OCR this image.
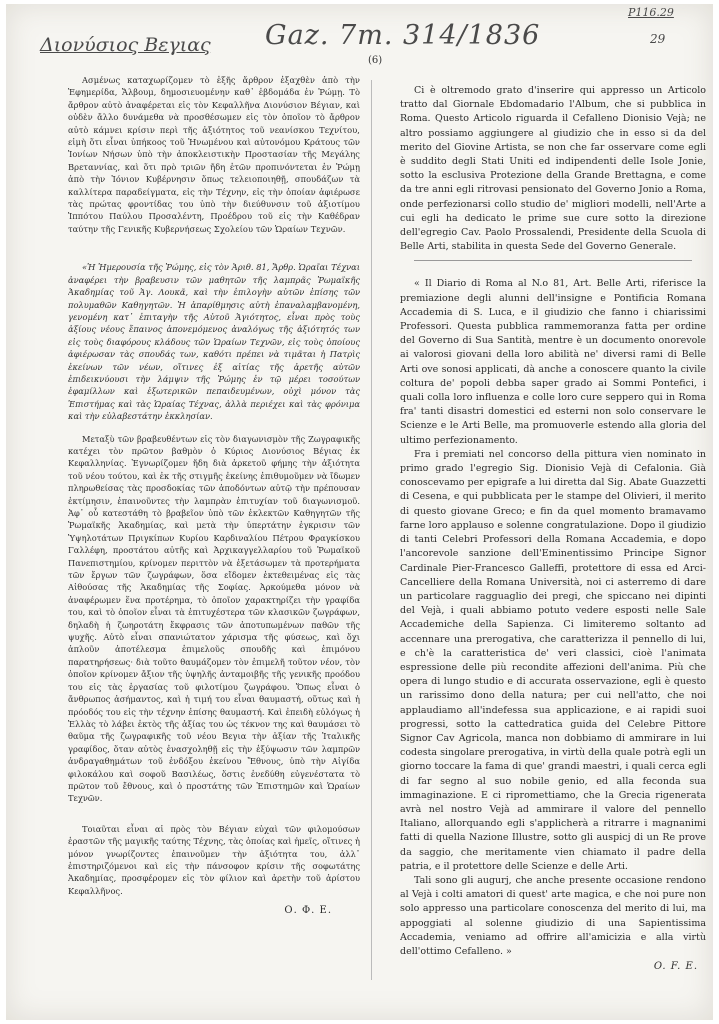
Διονύσιος Βεγιας Gaz. 7m. 314/1836
P116.29
29
(6)

Ασμένως καταχωρίζομεν τὸ ἑξῆς ἄρθρον ἐξαχθὲν ἀπὸ τὴν Ἐφημερίδα, Ἄλβουμ, δημοσιευομένην καθ᾽ ἑβδομάδα ἐν Ῥώμῃ. Τὸ ἄρθρον αὐτὸ ἀναφέρεται εἰς τὸν Κεφαλλῆνα Διονύσιον Βέγιαν, καὶ οὐδὲν ἄλλο δυνάμεθα νὰ προσθέσωμεν εἰς τὸν ὁποῖον τὸ ἄρθρον αὐτὸ κάμνει κρίσιν περὶ τῆς ἀξιότητος τοῦ νεανίσκου Τεχνίτου, εἰμὴ ὅτι εἶναι ὑπήκοος τοῦ Ἡνωμένου καὶ αὐτονόμου Κράτους τῶν Ἰονίων Νήσων ὑπὸ τὴν ἀποκλειστικὴν Προστασίαν τῆς Μεγάλης Βρεταννίας, καὶ ὅτι πρὸ τριῶν ἤδη ἐτῶν προπινόντεται ἐν Ῥώμῃ ἀπὸ τὴν Ἰόνιον Κυβέρνησιν ὅπως τελειοποιηθῇ, σπουδάζων τὰ καλλίτερα παραδείγματα, εἰς τὴν Τέχνην, εἰς τὴν ὁποίαν ἀφιέρωσε τὰς πρώτας φροντίδας του ὑπὸ τὴν διεύθυνσιν τοῦ ἀξιοτίμου Ἱππότου Παύλου Προσαλέντη, Προέδρου τοῦ εἰς τὴν Καθέδραν ταύτην τῆς Γενικῆς Κυβερνήσεως Σχολείου τῶν Ὡραίων Τεχνῶν.

«Ἡ Ἡμερουσία τῆς Ῥώμης, εἰς τὸν Ἀριθ. 81, Ἄρθρ. Ὡραῖαι Τέχναι ἀναφέρει τὴν βραβευσιν τῶν μαθητῶν τῆς λαμπρᾶς Ῥωμαϊκῆς Ἀκαδημίας τοῦ Ἁγ. Λουκᾶ, καὶ τὴν ἐπιλογὴν αὐτῶν ἐπίσης τῶν πολυμαθῶν Καθηγητῶν. Ἡ ἀπαρίθμησις αὐτὴ ἐπαναλαμβανομένη, γενομένη κατ᾽ ἐπιταγὴν τῆς Αὐτοῦ Ἁγιότητος, εἶναι πρὸς τοὺς ἀξίους νέους ἔπαινος ἀπονεμόμενος ἀναλόγως τῆς ἀξιότητός των εἰς τοὺς διαφόρους κλάδους τῶν Ὡραίων Τεχνῶν, εἰς τοὺς ὁποίους ἀφιέρωσαν τὰς σπουδάς των, καθότι πρέπει νὰ τιμᾶται ἡ Πατρὶς ἐκείνων τῶν νέων, οἵτινες ἐξ αἰτίας τῆς ἀρετῆς αὐτῶν ἐπιδεικνύουσι τὴν λάμψιν τῆς Ῥώμης ἐν τῷ μέρει τοσούτων ἐφαμίλλων καὶ ἐξωτερικῶν πεπαιδευμένων, οὐχὶ μόνον τὰς Ἐπιστήμας καὶ τὰς Ὡραίας Τέχνας, ἀλλὰ περιέχει καὶ τὰς φρόνιμα καὶ τὴν εὐλαβεστάτην ἐκκλησίαν.

Μεταξὺ τῶν βραβευθέντων εἰς τὸν διαγωνισμὸν τῆς Ζωγραφικῆς κατέχει τὸν πρῶτον βαθμὸν ὁ Κύριος Διονύσιος Βέγιας ἐκ Κεφαλληνίας. Ἐγνωρίζομεν ἤδη διὰ ἀρκετοῦ φήμης τὴν ἀξιότητα τοῦ νέου τούτου, καὶ ἐκ τῆς στιγμῆς ἐκείνης ἐπιθυμοῦμεν νὰ ἴδωμεν πληρωθείσας τὰς προσδοκίας τῶν ἀποδόντων αὐτῷ τὴν πρέπουσαν ἐκτίμησιν, ἐπαινοῦντες τὴν λαμπρὰν ἐπιτυχίαν τοῦ διαγωνισμοῦ. Ἀφ᾽ οὗ κατεστάθη τὸ βραβεῖον ὑπὸ τῶν ἐκλεκτῶν Καθηγητῶν τῆς Ῥωμαϊκῆς Ἀκαδημίας, καὶ μετὰ τὴν ὑπερτάτην ἐγκρισιν τῶν Ὑψηλοτάτων Πριγκίπων Κυρίου Καρδιναλίου Πέτρου Φραγκίσκου Γαλλέφη, προστάτου αὐτῆς καὶ Ἀρχικαγγελλαρίου τοῦ Ῥωμαϊκοῦ Πανεπιστημίου, κρίνομεν περιττὸν νὰ ἐξετάσωμεν τὰ προτερήματα τῶν ἔργων τῶν ζωγράφων, ὅσα εἴδομεν ἐκτεθειμένας εἰς τὰς Αἰθούσας τῆς Ἀκαδημίας τῆς Σοφίας. Ἀρκούμεθα μόνον νὰ ἀναφέρωμεν ἕνα προτέρημα, τὸ ὁποῖον χαρακτηρίζει τὴν γραφίδα του, καὶ τὸ ὁποῖον εἶναι τὰ ἐπιτυχέστερα τῶν κλασικῶν ζωγράφων, δηλαδὴ ἡ ζωηροτάτη ἔκφρασις τῶν ἀποτυπωμένων παθῶν τῆς ψυχῆς. Αὐτὸ εἶναι σπανιώτατον χάρισμα τῆς φύσεως, καὶ ὅχι ἀπλοῦν ἀποτέλεσμα ἐπιμελοῦς σπουδῆς καὶ ἐπιμόνου παρατηρήσεως· διὰ τοῦτο θαυμάζομεν τὸν ἐπιμελῆ τοῦτον νέον, τὸν ὁποῖον κρίνομεν ἄξιον τῆς ὑψηλῆς ἀνταμοιβῆς τῆς γενικῆς προόδου του εἰς τὰς ἐργασίας τοῦ φιλοτίμου ζωγράφου. Ὅπως εἶναι ὁ ἄνθρωπος ἀσήμαντος, καὶ ἡ τιμή του εἶναι θαυμαστή, οὕτως καὶ ἡ πρόοδός του εἰς τὴν τέχνην ἐπίσης θαυμαστή. Καὶ ἐπειδὴ εὐλόγως ἡ Ἑλλὰς τὸ λάβει ἐκτὸς τῆς ἀξίας του ὡς τέκνον της καὶ θαυμάσει τὸ θαῦμα τῆς ζωγραφικῆς τοῦ νέου Βεγια τὴν ἀξίαν τῆς Ἰταλικῆς γραφίδος, ὅταν αὐτὸς ἐνασχοληθῇ εἰς τὴν ἐξύψωσιν τῶν λαμπρῶν ἀνδραγαθημάτων τοῦ ἐνδόξου ἐκείνου Ἔθνους, ὑπὸ τὴν Αἰγίδα φιλοκάλου καὶ σοφοῦ Βασιλέως, ὅστις ἐνεδύθη εὐγενέστατα τὸ πρῶτον τοῦ ἔθνους, καὶ ὁ προστάτης τῶν Ἐπιστημῶν καὶ Ὡραίων Τεχνῶν.

Τοιαῦται εἶναι αἱ πρὸς τὸν Βέγιαν εὐχαὶ τῶν φιλομούσων ἐραστῶν τῆς μαγικῆς ταύτης Τέχνης, τὰς ὁποίας καὶ ἡμεῖς, οἵτινες ἡ μόνον γνωρίζοντες ἐπαινοῦμεν τὴν ἀξιότητα του, ἀλλ᾽ ἐπιστηριζόμενοι καὶ εἰς τὴν πάνσοφον κρίσιν τῆς σοφωτάτης Ἀκαδημίας, προσφέρομεν εἰς τὸν φίλιον καὶ ἀρετὴν τοῦ ἀρίστου Κεφαλλῆνος.

Ο. Φ. Ε.

Ci è oltremodo grato d'inserire qui appresso un Articolo tratto dal Giornale Ebdomadario l'Album, che si pubblica in Roma. Questo Articolo riguarda il Cefalleno Dionisio Vejà; ne altro possiamo aggiungere al giudizio che in esso si da del merito del Giovine Artista, se non che far osservare come egli è suddito degli Stati Uniti ed indipendenti delle Isole Jonie, sotto la esclusiva Protezione della Grande Brettagna, e come da tre anni egli ritrovasi pensionato del Governo Jonio a Roma, onde perfezionarsi collo studio de' migliori modelli, nell'Arte a cui egli ha dedicato le prime sue cure sotto la direzione dell'egregio Cav. Paolo Prossalendi, Presidente della Scuola di Belle Arti, stabilita in questa Sede del Governo Generale.

« Il Diario di Roma al N.o 81, Art. Belle Arti, riferisce la premiazione degli alunni dell'insigne e Pontificia Romana Accademia di S. Luca, e il giudizio che fanno i chiarissimi Professori. Questa pubblica rammemoranza fatta per ordine del Governo di Sua Santità, mentre è un documento onorevole ai valorosi giovani della loro abilità ne' diversi rami di Belle Arti ove sonosi applicati, dà anche a conoscere quanto la civile coltura de' popoli debba saper grado ai Sommi Pontefici, i quali colla loro influenza e colle loro cure seppero qui in Roma fra' tanti disastri domestici ed esterni non solo conservare le Scienze e le Arti Belle, ma promuoverle estendo alla gloria del ultimo perfezionamento.

Fra i premiati nel concorso della pittura vien nominato in primo grado l'egregio Sig. Dionisio Vejà di Cefalonia. Già conoscevamo per epigrafe a lui diretta dal Sig. Abate Guazzetti di Cesena, e qui pubblicata per le stampe del Olivieri, il merito di questo giovane Greco; e fin da quel momento bramavamo farne loro applauso e solenne congratulazione. Dopo il giudizio di tanti Celebri Professori della Romana Accademia, e dopo l'ancorevole sanzione dell'Eminentissimo Principe Signor Cardinale Pier-Francesco Galleffi, protettore di essa ed Arci-Cancelliere della Romana Università, noi ci asterremo di dare un particolare ragguaglio dei pregi, che spiccano nei dipinti del Vejà, i quali abbiamo potuto vedere esposti nelle Sale Accademiche della Sapienza. Ci limiteremo soltanto ad accennare una prerogativa, che caratterizza il pennello di lui, e ch'è la caratteristica de' veri classici, cioè l'animata espressione delle più recondite affezioni dell'anima. Più che opera di lungo studio e di accurata osservazione, egli è questo un rarissimo dono della natura; per cui nell'atto, che noi applaudiamo all'indefessa sua applicazione, e ai rapidi suoi progressi, sotto la cattedratica guida del Celebre Pittore Signor Cav Agricola, manca non dobbiamo di ammirare in lui codesta singolare prerogativa, in virtù della quale potrà egli un giorno toccare la fama di que' grandi maestri, i quali cerca egli di far segno al suo nobile genio, ed alla feconda sua immaginazione. E ci ripromettiamo, che la Grecia rigenerata avrà nel nostro Vejà ad ammirare il valore del pennello Italiano, allorquando egli s'applicherà a ritrarre i magnanimi fatti di quella Nazione Illustre, sotto gli auspicj di un Re prove da saggio, che meritamente vien chiamato il padre della patria, e il protettore delle Scienze e delle Arti.

Tali sono gli augurj, che anche presente occasione rendono al Vejà i colti amatori di quest' arte magica, e che noi pure non solo appresso una particolare conoscenza del merito di lui, ma appoggiati al solenne giudizio di una Sapientissima Accademia, veniamo ad offrire all'amicizia e alla virtù dell'ottimo Cefalleno. »

O. F. E.
